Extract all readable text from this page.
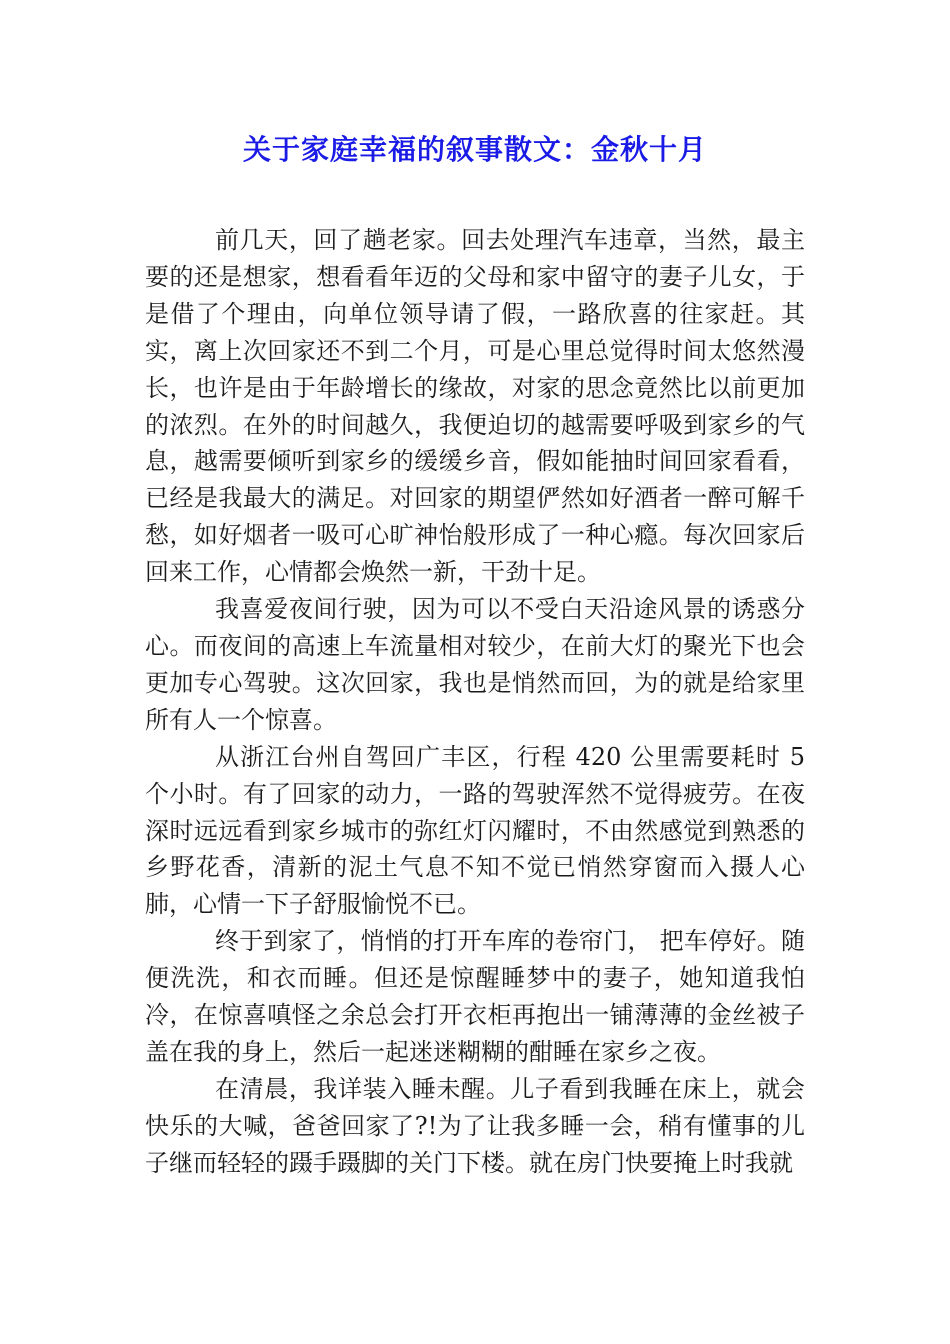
关于家庭幸福的叙事散文：金秋十月

前几天，回了趟老家。回去处理汽车违章，当然，最主要的还是想家，想看看年迈的父母和家中留守的妻子儿女，于是借了个理由，向单位领导请了假，一路欣喜的往家赶。其实，离上次回家还不到二个月，可是心里总觉得时间太悠然漫长，也许是由于年龄增长的缘故，对家的思念竟然比以前更加的浓烈。在外的时间越久，我便迫切的越需要呼吸到家乡的气息，越需要倾听到家乡的缓缓乡音，假如能抽时间回家看看，已经是我最大的满足。对回家的期望俨然如好酒者一醉可解千愁，如好烟者一吸可心旷神怡般形成了一种心瘾。每次回家后回来工作，心情都会焕然一新，干劲十足。

我喜爱夜间行驶，因为可以不受白天沿途风景的诱惑分心。而夜间的高速上车流量相对较少，在前大灯的聚光下也会更加专心驾驶。这次回家，我也是悄然而回，为的就是给家里所有人一个惊喜。

从浙江台州自驾回广丰区，行程 420 公里需要耗时 5 个小时。有了回家的动力，一路的驾驶浑然不觉得疲劳。在夜深时远远看到家乡城市的弥红灯闪耀时，不由然感觉到熟悉的乡野花香，清新的泥土气息不知不觉已悄然穿窗而入摄人心肺，心情一下子舒服愉悦不已。

终于到家了，悄悄的打开车库的卷帘门， 把车停好。随便洗洗，和衣而睡。但还是惊醒睡梦中的妻子，她知道我怕冷，在惊喜嗔怪之余总会打开衣柜再抱出一铺薄薄的金丝被子盖在我的身上，然后一起迷迷糊糊的酣睡在家乡之夜。

在清晨，我详装入睡未醒。儿子看到我睡在床上，就会快乐的大喊，爸爸回家了?!为了让我多睡一会，稍有懂事的儿子继而轻轻的蹑手蹑脚的关门下楼。就在房门快要掩上时我就
